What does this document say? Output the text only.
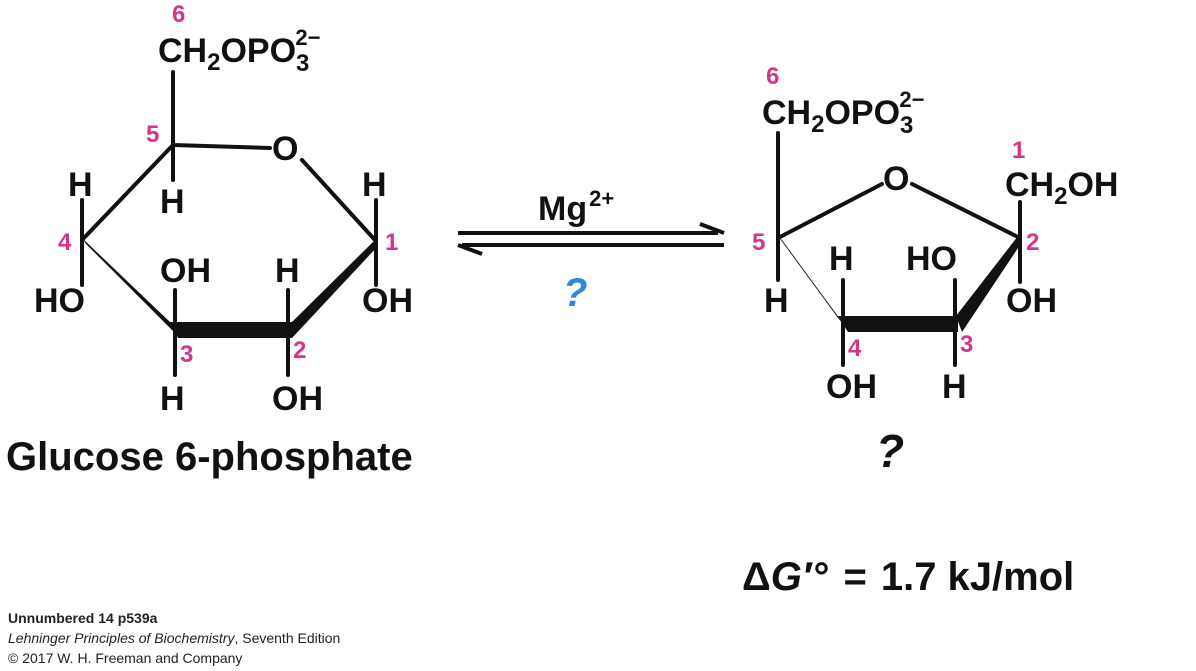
6
CH2OPO32−
O
5
H
4
H
HO
1
H
OH
OH
3
H
H
2
OH
Glucose 6-phosphate
Mg2+
?
6
CH2OPO32−
O
1
CH2OH
2
OH
5
H
H
4
OH
HO
3
H
?
ΔG′° = 1.7 kJ/mol
Unnumbered 14 p539a
Lehninger Principles of Biochemistry, Seventh Edition
© 2017 W. H. Freeman and Company
